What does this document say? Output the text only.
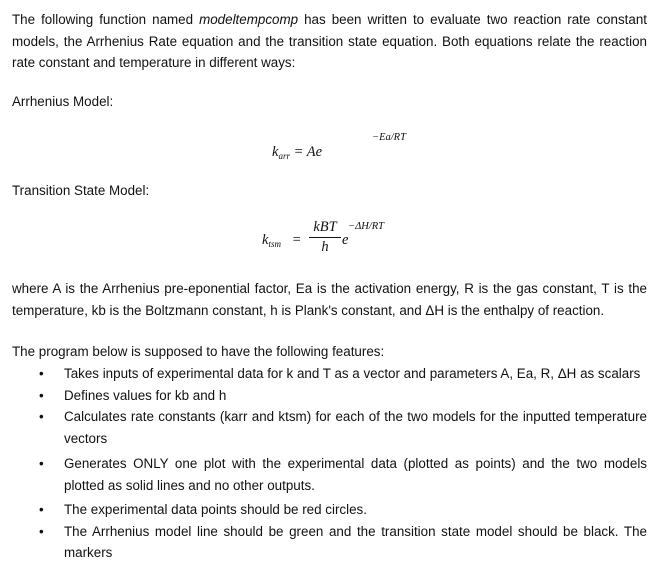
The following function named modeltempcomp has been written to evaluate two reaction rate constant models, the Arrhenius Rate equation and the transition state equation. Both equations relate the reaction rate constant and temperature in different ways:
Arrhenius Model:
$k_{arr} = Ae$
−Ea/RT
Transition State Model:
$k_{tsm}$ =
kBT
h e
−ΔH/RT
where A is the Arrhenius pre-eponential factor, Ea is the activation energy, R is the gas constant, T is the temperature, kb is the Boltzmann constant, h is Plank's constant, and ΔH is the enthalpy of reaction.
The program below is supposed to have the following features:
• Takes inputs of experimental data for k and T as a vector and parameters A, Ea, R, ΔH as scalars
• Defines values for kb and h
• Calculates rate constants (karr and ktsm) for each of the two models for the inputted temperature vectors
• Generates ONLY one plot with the experimental data (plotted as points) and the two models plotted as solid lines and no other outputs.
• The experimental data points should be red circles.
• The Arrhenius model line should be green and the transition state model should be black. The markers
